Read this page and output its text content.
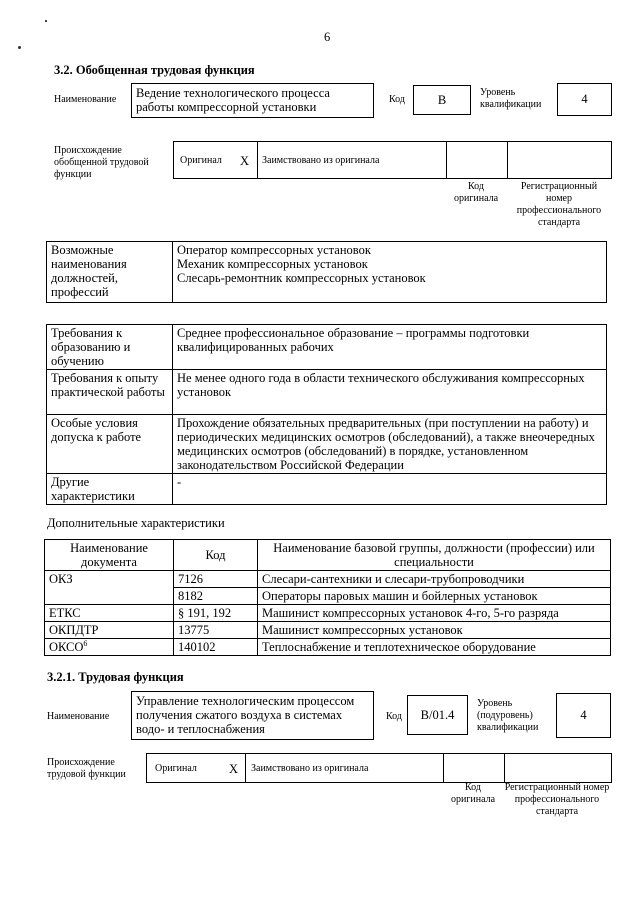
6
3.2. Обобщенная трудовая функция
Наименование	Ведение технологического процесса работы компрессорной установки
Код	B
Уровень квалификации	4
Происхождение обобщенной трудовой функции
Оригинал X Заимствовано из оригинала
Код оригинала
Регистрационный номер профессионального стандарта
Возможные наименования должностей, профессий	
Оператор компрессорных установок
Механик компрессорных установок
Слесарь-ремонтник компрессорных установок
Требования к образованию и обучению	Среднее профессиональное образование – программы подготовки квалифицированных рабочих
Требования к опыту практической работы	Не менее одного года в области технического обслуживания компрессорных установок
Особые условия допуска к работе	Прохождение обязательных предварительных (при поступлении на работу) и периодических медицинских осмотров (обследований), а также внеочередных медицинских осмотров (обследований) в порядке, установленном законодательством Российской Федерации
Другие характеристики	-
Дополнительные характеристики
Наименование документа	Код	Наименование базовой группы, должности (профессии) или специальности
ОКЗ	7126	Слесари-сантехники и слесари-трубопроводчики
	8182	Операторы паровых машин и бойлерных установок
ЕТКС	§ 191, 192	Машинист компрессорных установок 4-го, 5-го разряда
ОКПДТР	13775	Машинист компрессорных установок
ОКСО$^6$	140102	Теплоснабжение и теплотехническое оборудование
3.2.1. Трудовая функция
Наименование
Управление технологическим процессом получения сжатого воздуха в системах водо- и теплоснабжения
Код	B/01.4
Уровень (подуровень) квалификации
4
Происхождение трудовой функции
Оригинал	X Заимствовано из оригинала
Код оригинала
Регистрационный номер профессионального стандарта
